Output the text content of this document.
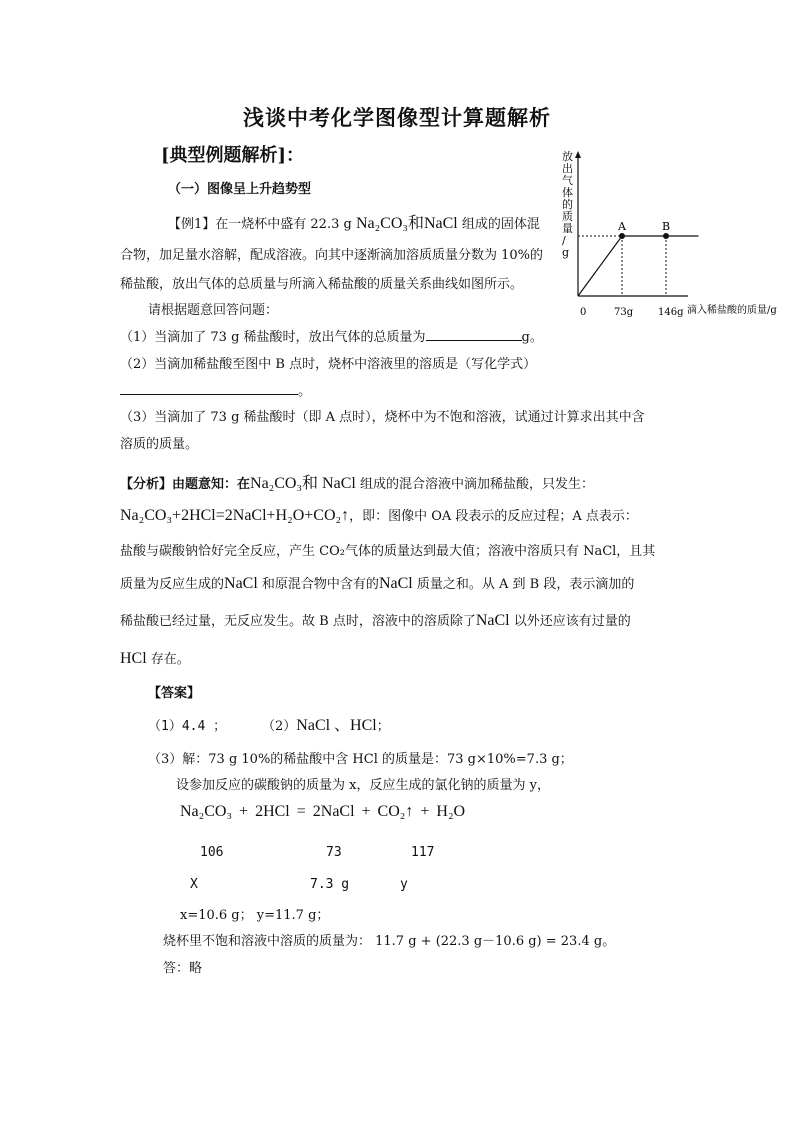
浅谈中考化学图像型计算题解析
[典型例题解析]：
（一）图像呈上升趋势型
【例1】在一烧杯中盛有 22.3 g Na₂CO₃和NaCl 组成的固体混
合物，加足量水溶解，配成溶液。向其中逐渐滴加溶质质量分数为 10%的
稀盐酸，放出气体的总质量与所滴入稀盐酸的质量关系曲线如图所示。
请根据题意回答问题：
（1）当滴加了 73 g 稀盐酸时，放出气体的总质量为	g。
（2）当滴加稀盐酸至图中 B 点时，烧杯中溶液里的溶质是（写化学式）
。
（3）当滴加了 73 g 稀盐酸时（即 A 点时），烧杯中为不饱和溶液，试通过计算求出其中含
溶质的质量。
放出气体的质量/ g
0	滴入稀盐酸的质量/g
A
73g
B
146g
【分析】由题意知：在Na₂CO₃和 NaCl 组成的混合溶液中滴加稀盐酸，只发生：
Na₂CO₃+2HCl=2NaCl+H₂O+CO₂↑，即：图像中 OA 段表示的反应过程；A 点表示：
盐酸与碳酸钠恰好完全反应，产生 CO₂气体的质量达到最大值；溶液中溶质只有 NaCl，且其
质量为反应生成的NaCl 和原混合物中含有的NaCl 质量之和。从 A 到 B 段，表示滴加的
稀盐酸已经过量，无反应发生。故 B 点时，溶液中的溶质除了NaCl 以外还应该有过量的
HCl 存在。
【答案】
（1）4.4 ；	（2）NaCl 、HCl；
（3）解：73 g 10%的稀盐酸中含 HCl 的质量是：73 g×10%=7.3 g；
设参加反应的碳酸钠的质量为 x，反应生成的氯化钠的质量为 y，
Na₂CO₃ + 2HCl = 2NaCl + CO₂↑ + H₂O
106	73	117
X	7.3 g	y
x=10.6 g； y=11.7 g；
烧杯里不饱和溶液中溶质的质量为： 11.7 g + (22.3 g－10.6 g) = 23.4 g。
答：略
